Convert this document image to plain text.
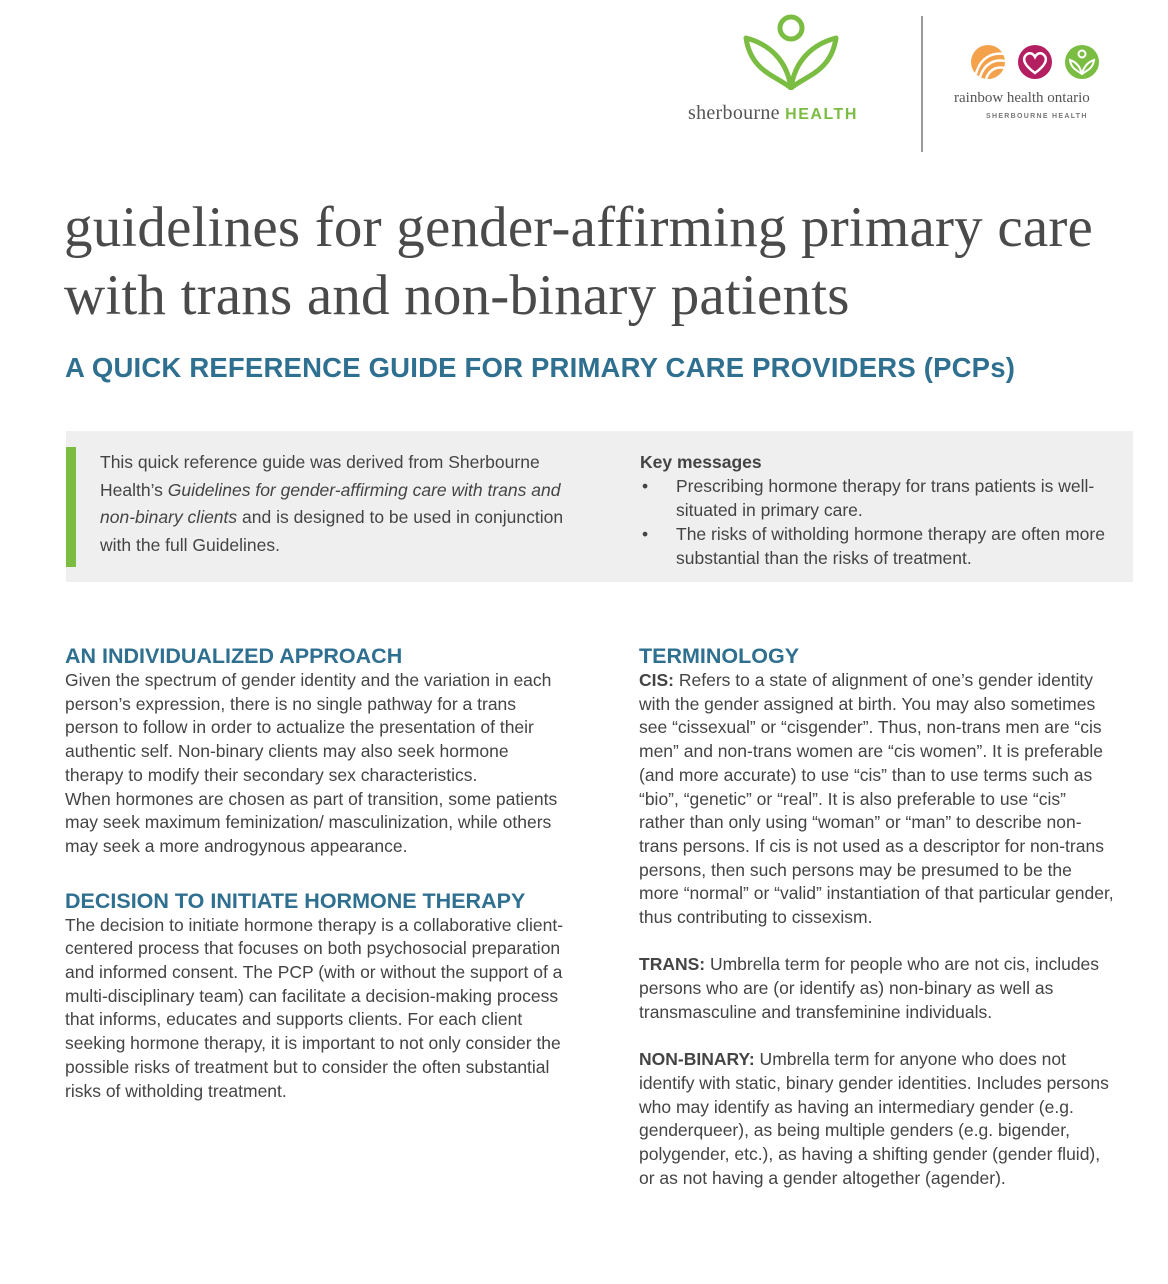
sherbourne HEALTH
rainbow health ontario
SHERBOURNE HEALTH
guidelines for gender-affirming primary care with trans and non-binary patients
A QUICK REFERENCE GUIDE FOR PRIMARY CARE PROVIDERS (PCPs)

This quick reference guide was derived from Sherbourne Health’s Guidelines for gender-affirming care with trans and non-binary clients and is designed to be used in conjunction with the full Guidelines.

Key messages
• Prescribing hormone therapy for trans patients is well-situated in primary care.
• The risks of witholding hormone therapy are often more substantial than the risks of treatment.
AN INDIVIDUALIZED APPROACH

Given the spectrum of gender identity and the variation in each person’s expression, there is no single pathway for a trans person to follow in order to actualize the presentation of their authentic self. Non-binary clients may also seek hormone therapy to modify their secondary sex characteristics.

When hormones are chosen as part of transition, some patients may seek maximum feminization/ masculinization, while others may seek a more androgynous appearance.

DECISION TO INITIATE HORMONE THERAPY

The decision to initiate hormone therapy is a collaborative client-centered process that focuses on both psychosocial preparation and informed consent. The PCP (with or without the support of a multi-disciplinary team) can facilitate a decision-making process that informs, educates and supports clients. For each client seeking hormone therapy, it is important to not only consider the possible risks of treatment but to consider the often substantial risks of witholding treatment.

TERMINOLOGY

CIS: Refers to a state of alignment of one’s gender identity with the gender assigned at birth. You may also sometimes see “cissexual” or “cisgender”. Thus, non-trans men are “cis men” and non-trans women are “cis women”. It is preferable (and more accurate) to use “cis” than to use terms such as “bio”, “genetic” or “real”. It is also preferable to use “cis” rather than only using “woman” or “man” to describe non-trans persons. If cis is not used as a descriptor for non-trans persons, then such persons may be presumed to be the more “normal” or “valid” instantiation of that particular gender, thus contributing to cissexism.

TRANS: Umbrella term for people who are not cis, includes persons who are (or identify as) non-binary as well as transmasculine and transfeminine individuals.

NON-BINARY: Umbrella term for anyone who does not identify with static, binary gender identities. Includes persons who may identify as having an intermediary gender (e.g. genderqueer), as being multiple genders (e.g. bigender, polygender, etc.), as having a shifting gender (gender fluid), or as not having a gender altogether (agender).
